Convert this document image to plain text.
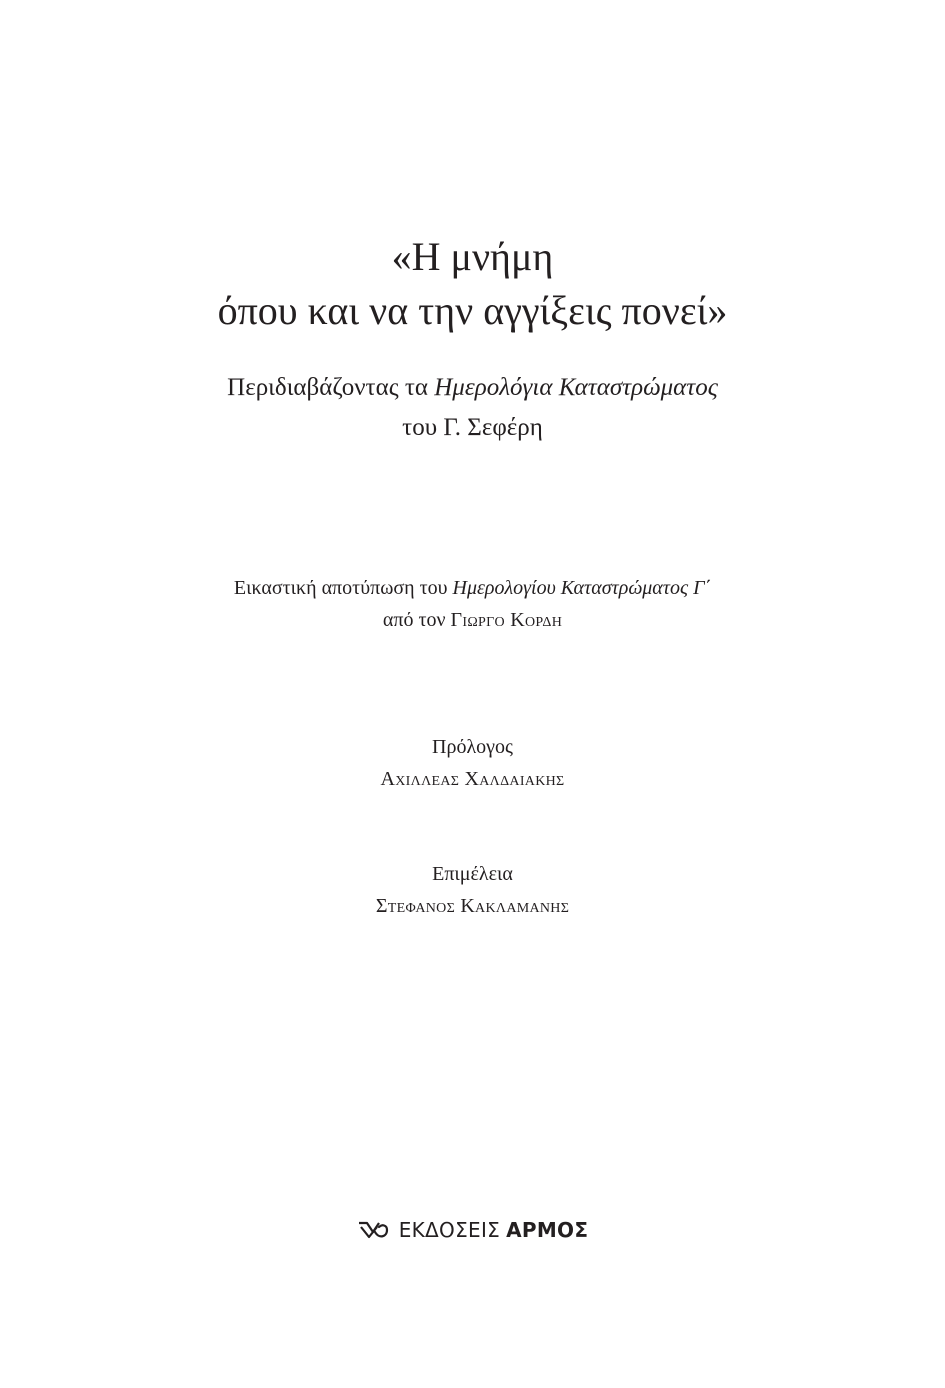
«Η μνήμη
όπου και να την αγγίξεις πονεί»
Περιδιαβάζοντας τα Ημερολόγια Καταστρώματος
του Γ. Σεφέρη
Εικαστική αποτύπωση του Ημερολογίου Καταστρώματος Γ΄
από τον Γιωργο Κορδη
Πρόλογος
Αχιλλεας Χαλδαιακης
Επιμέλεια
Στεφανος Κακλαμανης
ΕΚΔΟΣΕΙΣ ΑΡΜΟΣ
